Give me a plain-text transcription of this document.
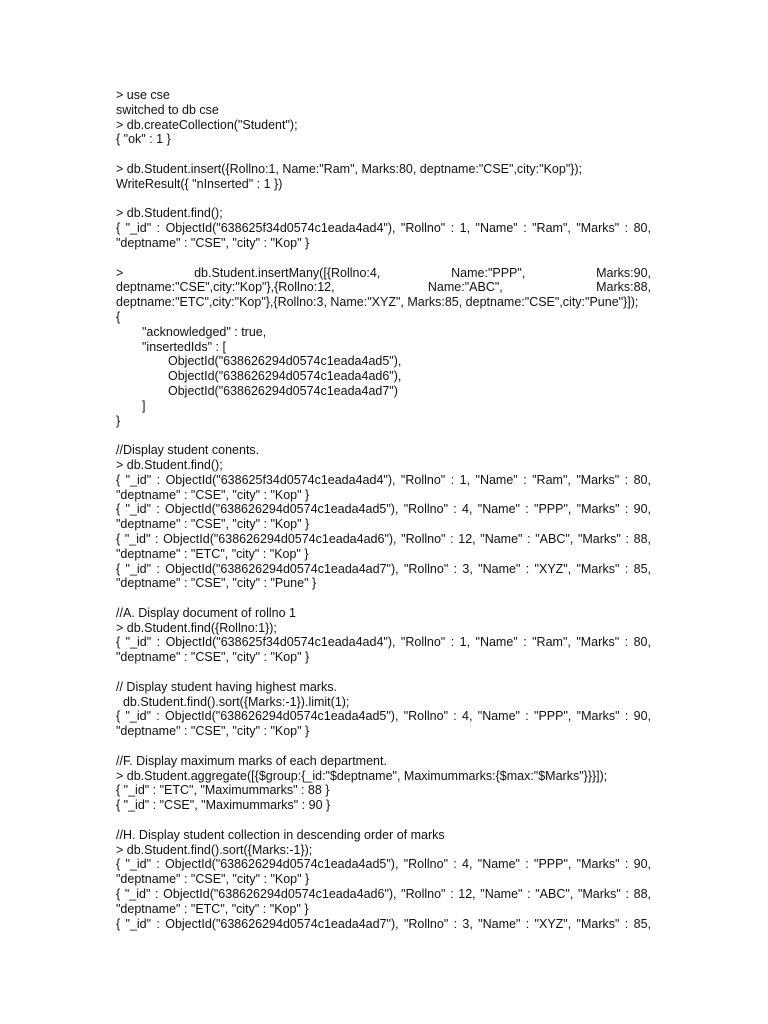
> use cse
switched to db cse
> db.createCollection("Student");
{ "ok" : 1 }
> db.Student.insert({Rollno:1, Name:"Ram", Marks:80, deptname:"CSE",city:"Kop"});
WriteResult({ "nInserted" : 1 })
> db.Student.find();
{ "_id" : ObjectId("638625f34d0574c1eada4ad4"), "Rollno" : 1, "Name" : "Ram", "Marks" : 80,
"deptname" : "CSE", "city" : "Kop" }
> db.Student.insertMany([{Rollno:4, Name:"PPP", Marks:90,
deptname:"CSE",city:"Kop"},{Rollno:12, Name:"ABC", Marks:88,
deptname:"ETC",city:"Kop"},{Rollno:3, Name:"XYZ", Marks:85, deptname:"CSE",city:"Pune"}]);
{
"acknowledged" : true,
"insertedIds" : [
ObjectId("638626294d0574c1eada4ad5"),
ObjectId("638626294d0574c1eada4ad6"),
ObjectId("638626294d0574c1eada4ad7")
]
}
//Display student conents.
> db.Student.find();
{ "_id" : ObjectId("638625f34d0574c1eada4ad4"), "Rollno" : 1, "Name" : "Ram", "Marks" : 80,
"deptname" : "CSE", "city" : "Kop" }
{ "_id" : ObjectId("638626294d0574c1eada4ad5"), "Rollno" : 4, "Name" : "PPP", "Marks" : 90,
"deptname" : "CSE", "city" : "Kop" }
{ "_id" : ObjectId("638626294d0574c1eada4ad6"), "Rollno" : 12, "Name" : "ABC", "Marks" : 88,
"deptname" : "ETC", "city" : "Kop" }
{ "_id" : ObjectId("638626294d0574c1eada4ad7"), "Rollno" : 3, "Name" : "XYZ", "Marks" : 85,
"deptname" : "CSE", "city" : "Pune" }
//A. Display document of rollno 1
> db.Student.find({Rollno:1});
{ "_id" : ObjectId("638625f34d0574c1eada4ad4"), "Rollno" : 1, "Name" : "Ram", "Marks" : 80,
"deptname" : "CSE", "city" : "Kop" }
// Display student having highest marks.
db.Student.find().sort({Marks:-1}).limit(1);
{ "_id" : ObjectId("638626294d0574c1eada4ad5"), "Rollno" : 4, "Name" : "PPP", "Marks" : 90,
"deptname" : "CSE", "city" : "Kop" }
//F. Display maximum marks of each department.
> db.Student.aggregate([{$group:{_id:"$deptname", Maximummarks:{$max:"$Marks"}}}]);
{ "_id" : "ETC", "Maximummarks" : 88 }
{ "_id" : "CSE", "Maximummarks" : 90 }
//H. Display student collection in descending order of marks
> db.Student.find().sort({Marks:-1});
{ "_id" : ObjectId("638626294d0574c1eada4ad5"), "Rollno" : 4, "Name" : "PPP", "Marks" : 90,
"deptname" : "CSE", "city" : "Kop" }
{ "_id" : ObjectId("638626294d0574c1eada4ad6"), "Rollno" : 12, "Name" : "ABC", "Marks" : 88,
"deptname" : "ETC", "city" : "Kop" }
{ "_id" : ObjectId("638626294d0574c1eada4ad7"), "Rollno" : 3, "Name" : "XYZ", "Marks" : 85,
